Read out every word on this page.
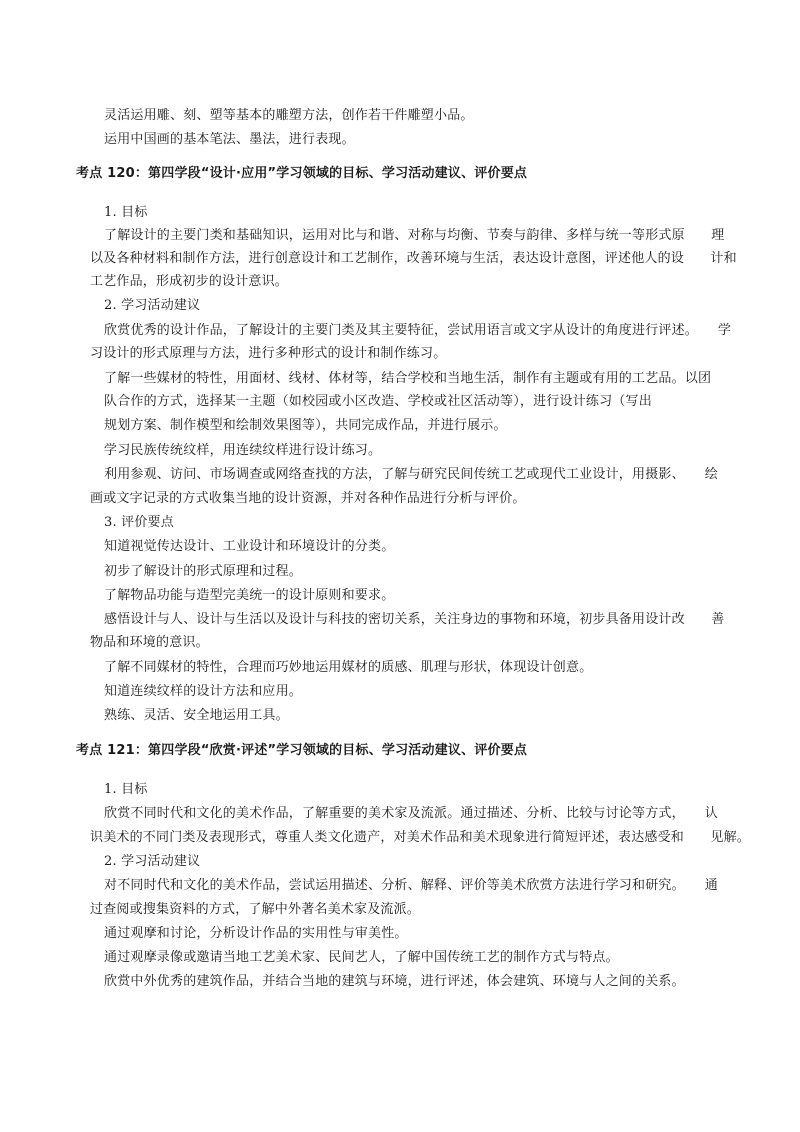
灵活运用雕、刻、塑等基本的雕塑方法，创作若干件雕塑小品。
运用中国画的基本笔法、墨法，进行表现。
考点 120：第四学段“设计·应用”学习领域的目标、学习活动建议、评价要点
1. 目标
了解设计的主要门类和基础知识，运用对比与和谐、对称与均衡、节奏与韵律、多样与统一等形式原　　理
以及各种材料和制作方法，进行创意设计和工艺制作，改善环境与生活，表达设计意图，评述他人的设　　计和
工艺作品，形成初步的设计意识。
2. 学习活动建议
欣赏优秀的设计作品，了解设计的主要门类及其主要特征，尝试用语言或文字从设计的角度进行评述。　　学
习设计的形式原理与方法，进行多种形式的设计和制作练习。
了解一些媒材的特性，用面材、线材、体材等，结合学校和当地生活，制作有主题或有用的工艺品。以团
队合作的方式，选择某一主题（如校园或小区改造、学校或社区活动等），进行设计练习（写出
规划方案、制作模型和绘制效果图等），共同完成作品，并进行展示。
学习民族传统纹样，用连续纹样进行设计练习。
利用参观、访问、市场调查或网络查找的方法，了解与研究民间传统工艺或现代工业设计，用摄影、　　绘
画或文字记录的方式收集当地的设计资源，并对各种作品进行分析与评价。
3. 评价要点
知道视觉传达设计、工业设计和环境设计的分类。
初步了解设计的形式原理和过程。
了解物品功能与造型完美统一的设计原则和要求。
感悟设计与人、设计与生活以及设计与科技的密切关系，关注身边的事物和环境，初步具备用设计改　　善
物品和环境的意识。
了解不同媒材的特性，合理而巧妙地运用媒材的质感、肌理与形状，体现设计创意。
知道连续纹样的设计方法和应用。
熟练、灵活、安全地运用工具。
考点 121：第四学段“欣赏·评述”学习领域的目标、学习活动建议、评价要点
1. 目标
欣赏不同时代和文化的美术作品，了解重要的美术家及流派。通过描述、分析、比较与讨论等方式，　　认
识美术的不同门类及表现形式，尊重人类文化遗产，对美术作品和美术现象进行简短评述，表达感受和　　见解。
2. 学习活动建议
对不同时代和文化的美术作品，尝试运用描述、分析、解释、评价等美术欣赏方法进行学习和研究。　　通
过查阅或搜集资料的方式，了解中外著名美术家及流派。
通过观摩和讨论，分析设计作品的实用性与审美性。
通过观摩录像或邀请当地工艺美术家、民间艺人，了解中国传统工艺的制作方式与特点。
欣赏中外优秀的建筑作品，并结合当地的建筑与环境，进行评述，体会建筑、环境与人之间的关系。
